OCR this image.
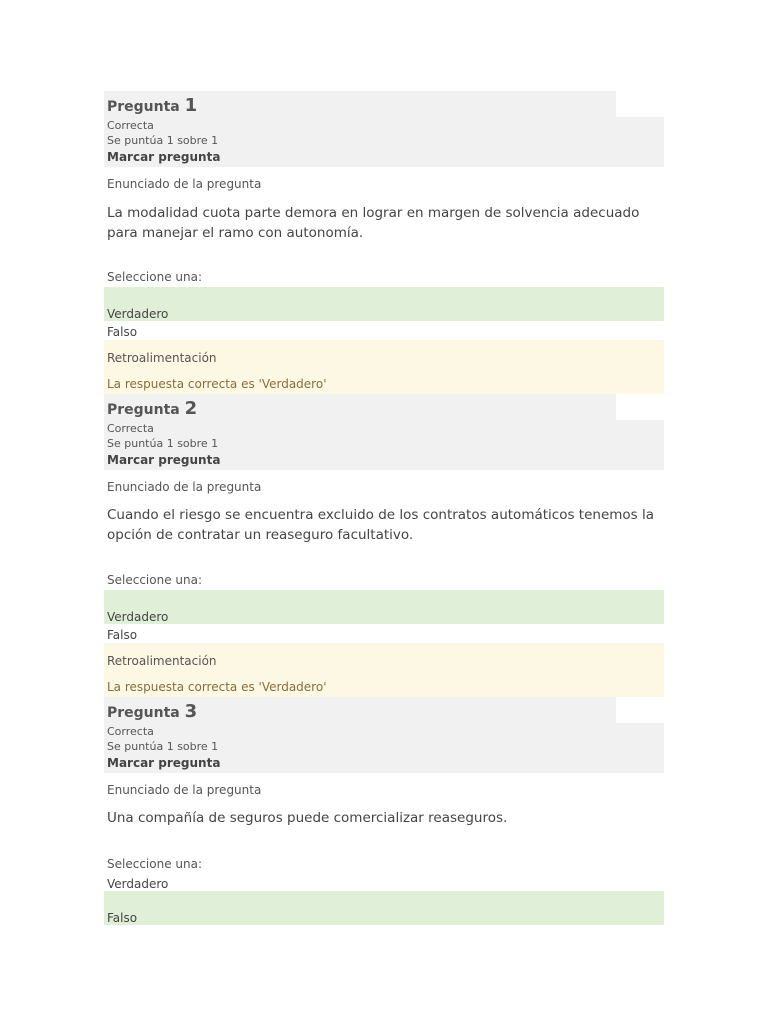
Pregunta 1
Correcta
Se puntúa 1 sobre 1
Marcar pregunta
Enunciado de la pregunta
La modalidad cuota parte demora en lograr en margen de solvencia adecuado para manejar el ramo con autonomía.
Seleccione una:
Verdadero
Falso
Retroalimentación
La respuesta correcta es 'Verdadero'
Pregunta 2
Correcta
Se puntúa 1 sobre 1
Marcar pregunta
Enunciado de la pregunta
Cuando el riesgo se encuentra excluido de los contratos automáticos tenemos la opción de contratar un reaseguro facultativo.
Seleccione una:
Verdadero
Falso
Retroalimentación
La respuesta correcta es 'Verdadero'
Pregunta 3
Correcta
Se puntúa 1 sobre 1
Marcar pregunta
Enunciado de la pregunta
Una compañía de seguros puede comercializar reaseguros.
Seleccione una:
Verdadero
Falso
